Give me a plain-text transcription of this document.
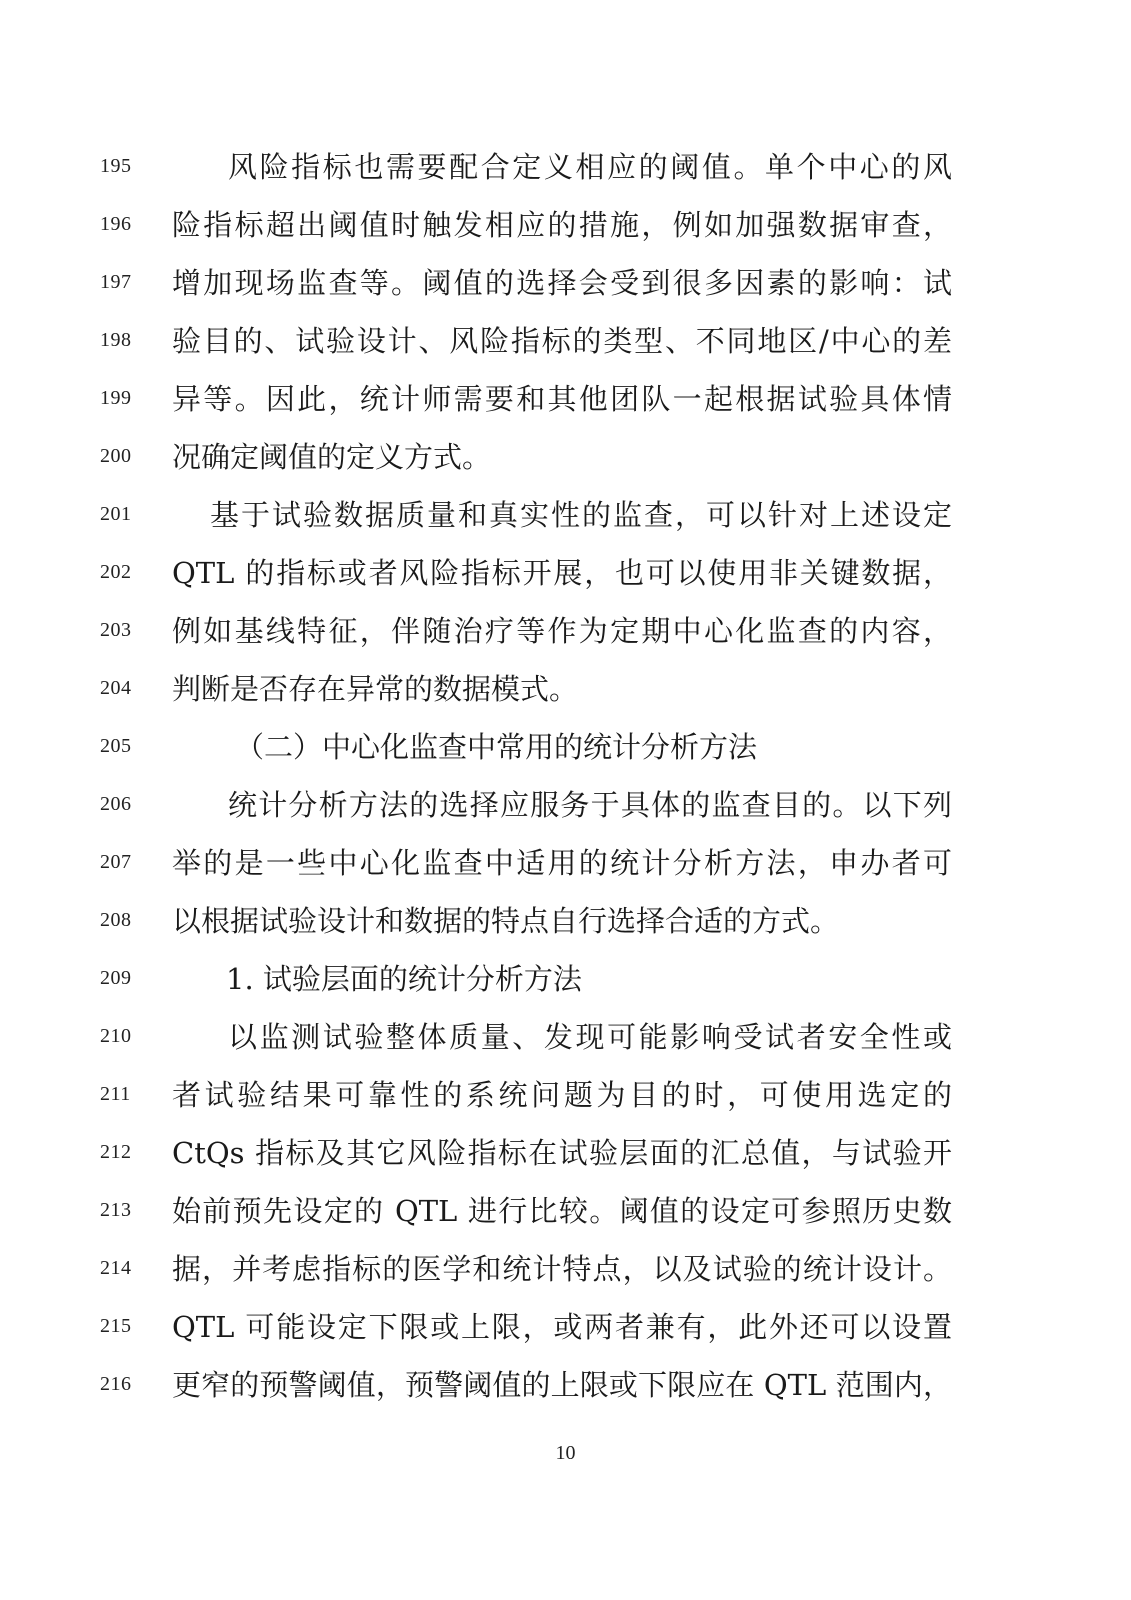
195	风险指标也需要配合定义相应的阈值。单个中心的风
196	险指标超出阈值时触发相应的措施，例如加强数据审查，
197	增加现场监查等。阈值的选择会受到很多因素的影响：试
198	验目的、试验设计、风险指标的类型、不同地区/中心的差
199	异等。因此，统计师需要和其他团队一起根据试验具体情
200	况确定阈值的定义方式。
201	基于试验数据质量和真实性的监查，可以针对上述设定
202	QTL 的指标或者风险指标开展，也可以使用非关键数据，
203	例如基线特征，伴随治疗等作为定期中心化监查的内容，
204	判断是否存在异常的数据模式。
205	（二）中心化监查中常用的统计分析方法
206	统计分析方法的选择应服务于具体的监查目的。以下列
207	举的是一些中心化监查中适用的统计分析方法，申办者可
208	以根据试验设计和数据的特点自行选择合适的方式。
209	1. 试验层面的统计分析方法
210	以监测试验整体质量、发现可能影响受试者安全性或
211	者试验结果可靠性的系统问题为目的时，可使用选定的
212	CtQs 指标及其它风险指标在试验层面的汇总值，与试验开
213	始前预先设定的 QTL 进行比较。阈值的设定可参照历史数
214	据，并考虑指标的医学和统计特点，以及试验的统计设计。
215	QTL 可能设定下限或上限，或两者兼有，此外还可以设置
216	更窄的预警阈值，预警阈值的上限或下限应在 QTL 范围内，
10
